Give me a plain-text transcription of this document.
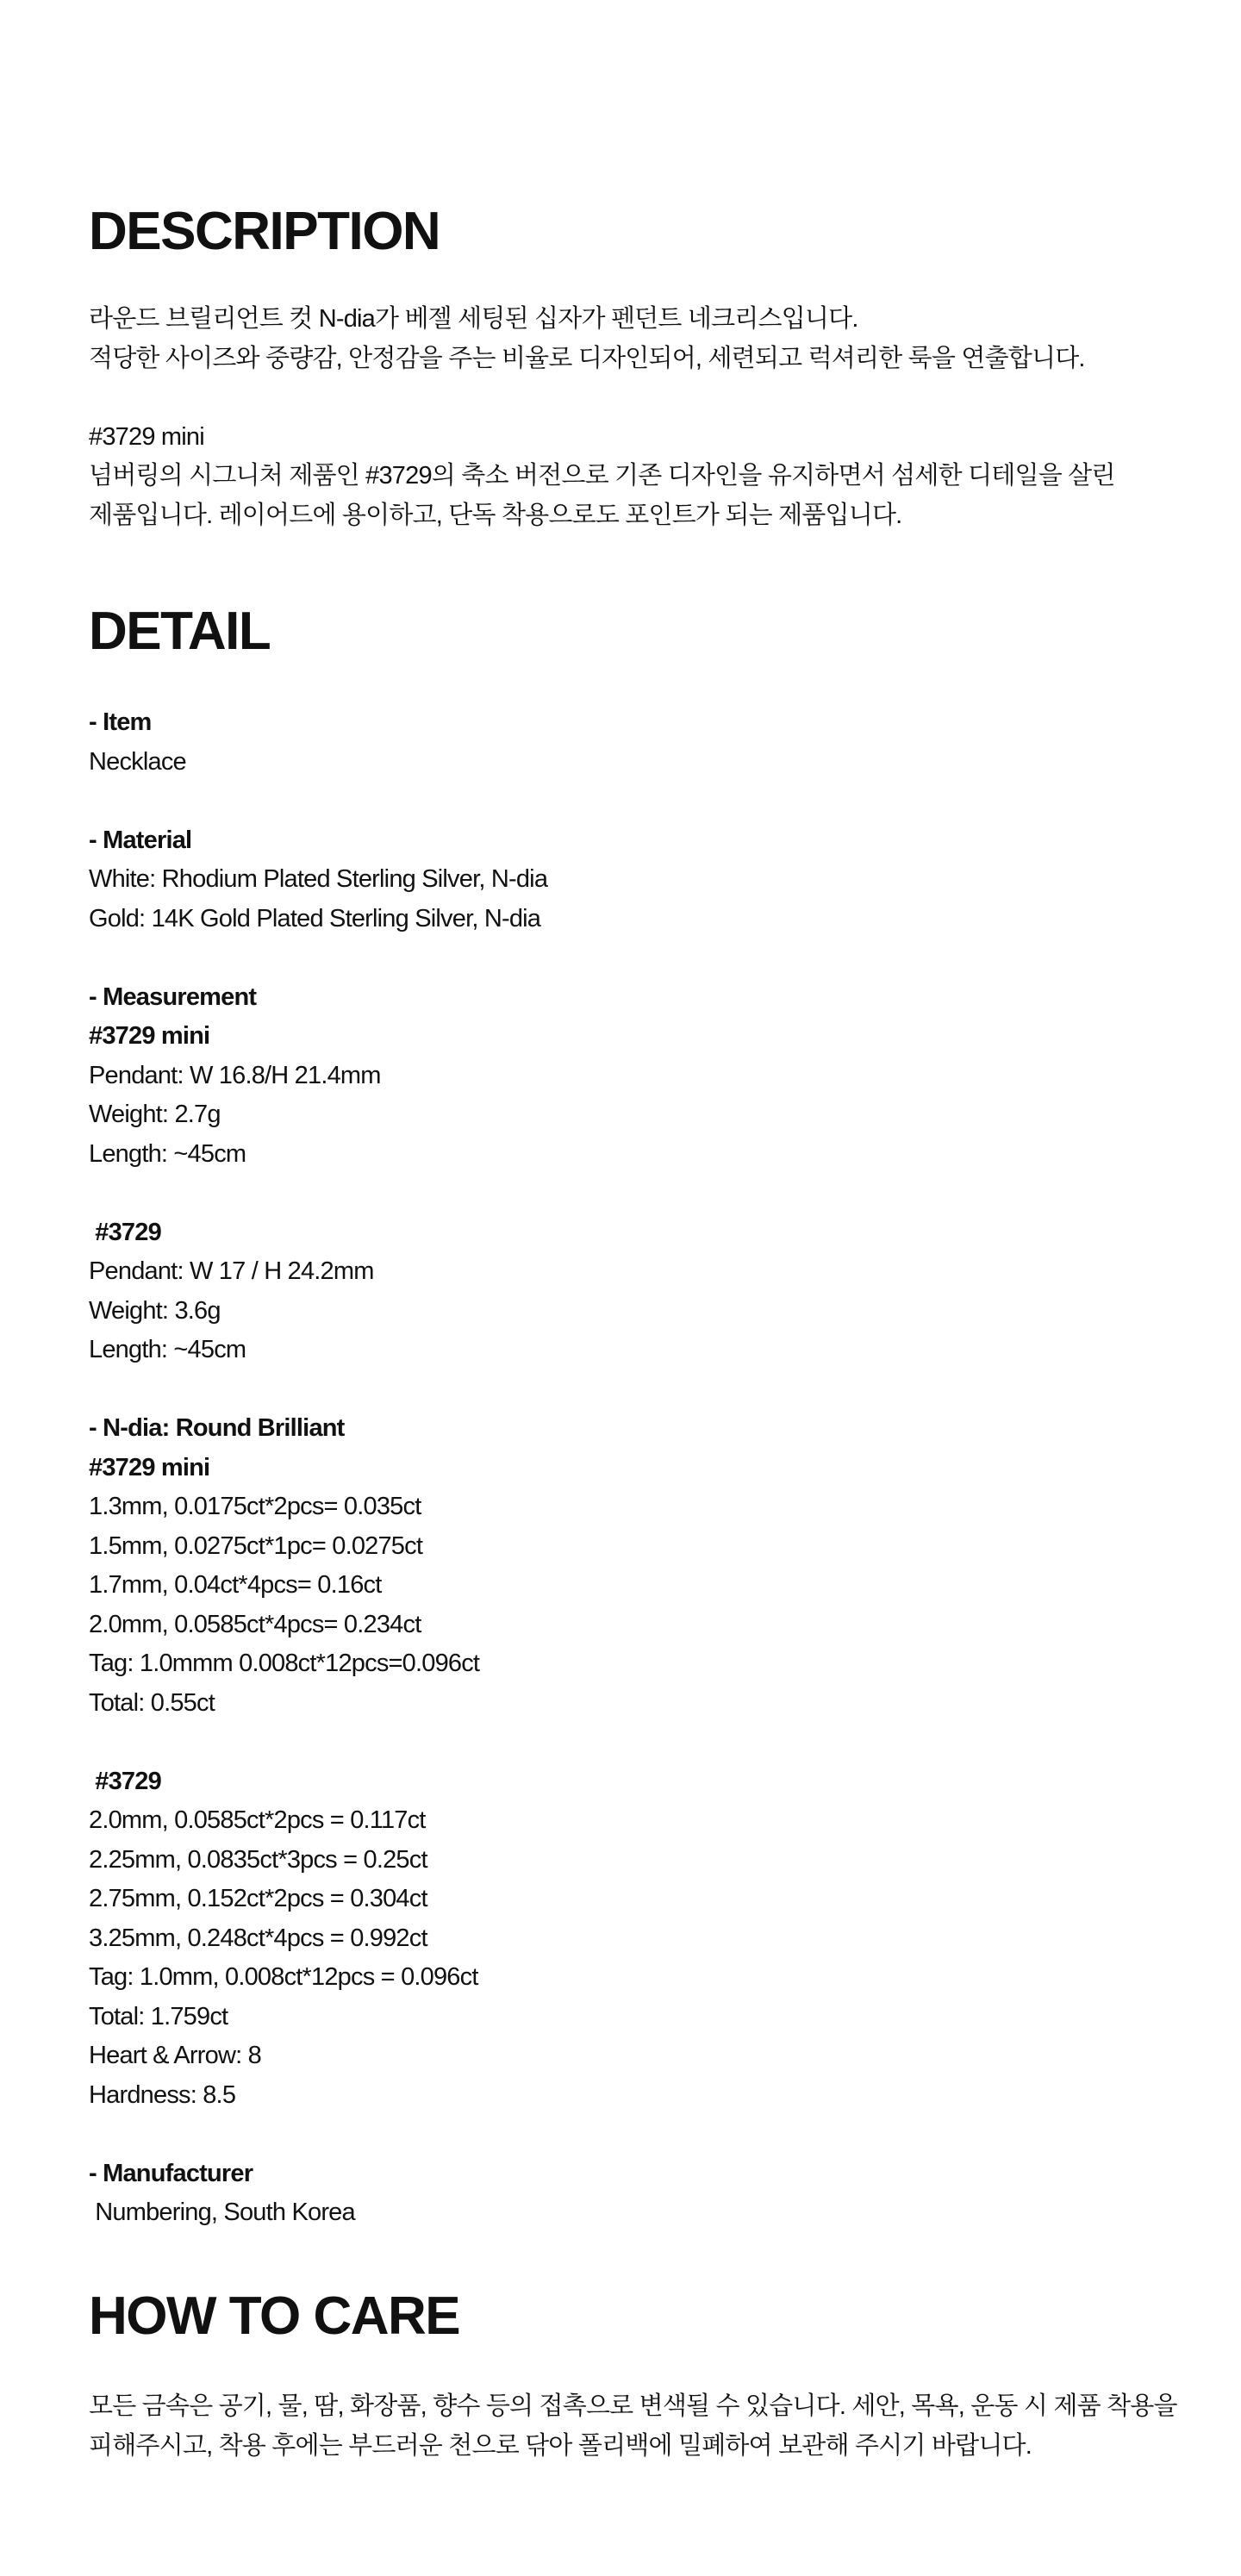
DESCRIPTION
라운드 브릴리언트 컷 N-dia가 베젤 세팅된 십자가 펜던트 네크리스입니다.
적당한 사이즈와 중량감, 안정감을 주는 비율로 디자인되어, 세련되고 럭셔리한 룩을 연출합니다.
#3729 mini
넘버링의 시그니처 제품인 #3729의 축소 버전으로 기존 디자인을 유지하면서 섬세한 디테일을 살린
제품입니다. 레이어드에 용이하고, 단독 착용으로도 포인트가 되는 제품입니다.
DETAIL
- Item
Necklace
- Material
White: Rhodium Plated Sterling Silver, N-dia
Gold: 14K Gold Plated Sterling Silver, N-dia
- Measurement
#3729 mini
Pendant: W 16.8/H 21.4mm
Weight: 2.7g
Length: ~45cm
#3729
Pendant: W 17 / H 24.2mm
Weight: 3.6g
Length: ~45cm
- N-dia: Round Brilliant
#3729 mini
1.3mm, 0.0175ct*2pcs= 0.035ct
1.5mm, 0.0275ct*1pc= 0.0275ct
1.7mm, 0.04ct*4pcs= 0.16ct
2.0mm, 0.0585ct*4pcs= 0.234ct
Tag: 1.0mmm 0.008ct*12pcs=0.096ct
Total: 0.55ct
#3729
2.0mm, 0.0585ct*2pcs = 0.117ct
2.25mm, 0.0835ct*3pcs = 0.25ct
2.75mm, 0.152ct*2pcs = 0.304ct
3.25mm, 0.248ct*4pcs = 0.992ct
Tag: 1.0mm, 0.008ct*12pcs = 0.096ct
Total: 1.759ct
Heart & Arrow: 8
Hardness: 8.5
- Manufacturer
Numbering, South Korea
HOW TO CARE
모든 금속은 공기, 물, 땀, 화장품, 향수 등의 접촉으로 변색될 수 있습니다. 세안, 목욕, 운동 시 제품 착용을
피해주시고, 착용 후에는 부드러운 천으로 닦아 폴리백에 밀폐하여 보관해 주시기 바랍니다.
